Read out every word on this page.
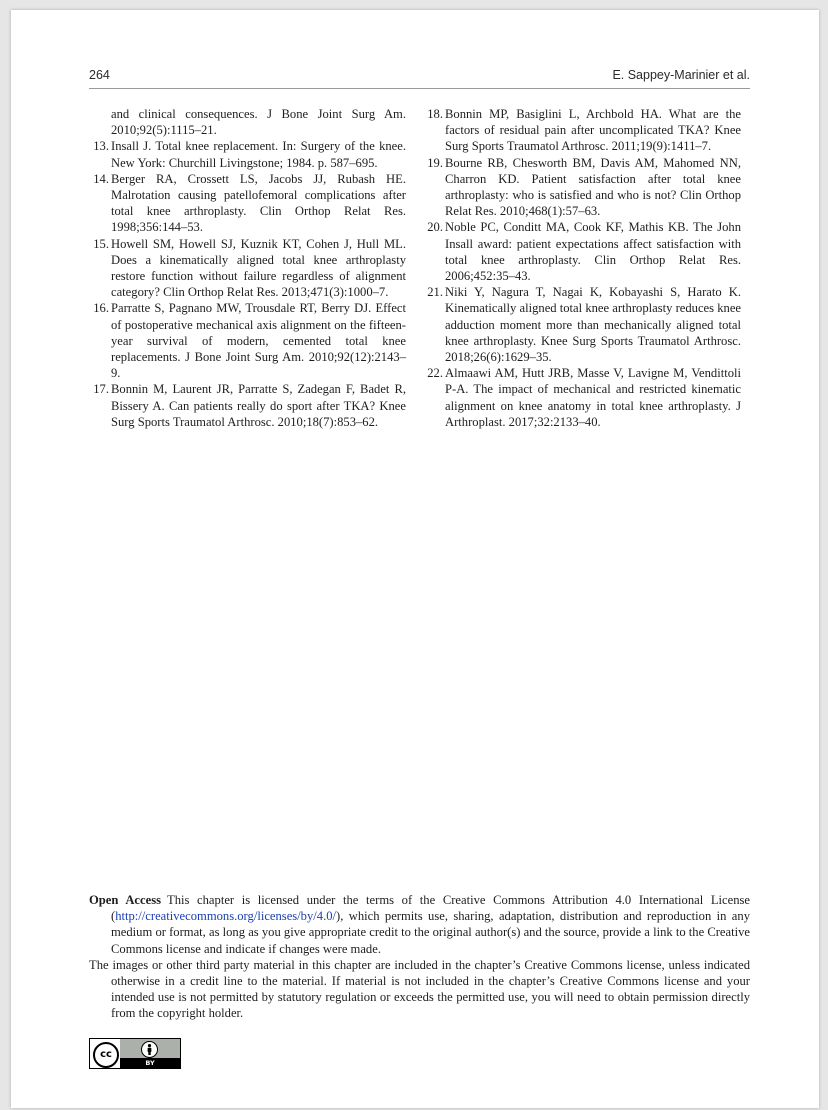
264	E. Sappey-Marinier et al.
and clinical consequences. J Bone Joint Surg Am. 2010;92(5):1115–21.
13. Insall J. Total knee replacement. In: Surgery of the knee. New York: Churchill Livingstone; 1984. p. 587–695.
14. Berger RA, Crossett LS, Jacobs JJ, Rubash HE. Malrotation causing patellofemoral complications after total knee arthroplasty. Clin Orthop Relat Res. 1998;356:144–53.
15. Howell SM, Howell SJ, Kuznik KT, Cohen J, Hull ML. Does a kinematically aligned total knee arthroplasty restore function without failure regardless of alignment category? Clin Orthop Relat Res. 2013;471(3):1000–7.
16. Parratte S, Pagnano MW, Trousdale RT, Berry DJ. Effect of postoperative mechanical axis alignment on the fifteen-year survival of modern, cemented total knee replacements. J Bone Joint Surg Am. 2010;92(12):2143–9.
17. Bonnin M, Laurent JR, Parratte S, Zadegan F, Badet R, Bissery A. Can patients really do sport after TKA? Knee Surg Sports Traumatol Arthrosc. 2010;18(7):853–62.
18. Bonnin MP, Basiglini L, Archbold HA. What are the factors of residual pain after uncomplicated TKA? Knee Surg Sports Traumatol Arthrosc. 2011;19(9):1411–7.
19. Bourne RB, Chesworth BM, Davis AM, Mahomed NN, Charron KD. Patient satisfaction after total knee arthroplasty: who is satisfied and who is not? Clin Orthop Relat Res. 2010;468(1):57–63.
20. Noble PC, Conditt MA, Cook KF, Mathis KB. The John Insall award: patient expectations affect satisfaction with total knee arthroplasty. Clin Orthop Relat Res. 2006;452:35–43.
21. Niki Y, Nagura T, Nagai K, Kobayashi S, Harato K. Kinematically aligned total knee arthroplasty reduces knee adduction moment more than mechanically aligned total knee arthroplasty. Knee Surg Sports Traumatol Arthrosc. 2018;26(6):1629–35.
22. Almaawi AM, Hutt JRB, Masse V, Lavigne M, Vendittoli P-A. The impact of mechanical and restricted kinematic alignment on knee anatomy in total knee arthroplasty. J Arthroplast. 2017;32:2133–40.

Open Access This chapter is licensed under the terms of the Creative Commons Attribution 4.0 International License (http://creativecommons.org/licenses/by/4.0/), which permits use, sharing, adaptation, distribution and reproduction in any medium or format, as long as you give appropriate credit to the original author(s) and the source, provide a link to the Creative Commons license and indicate if changes were made.

The images or other third party material in this chapter are included in the chapter’s Creative Commons license, unless indicated otherwise in a credit line to the material. If material is not included in the chapter’s Creative Commons license and your intended use is not permitted by statutory regulation or exceeds the permitted use, you will need to obtain permission directly from the copyright holder.

cc
BY
